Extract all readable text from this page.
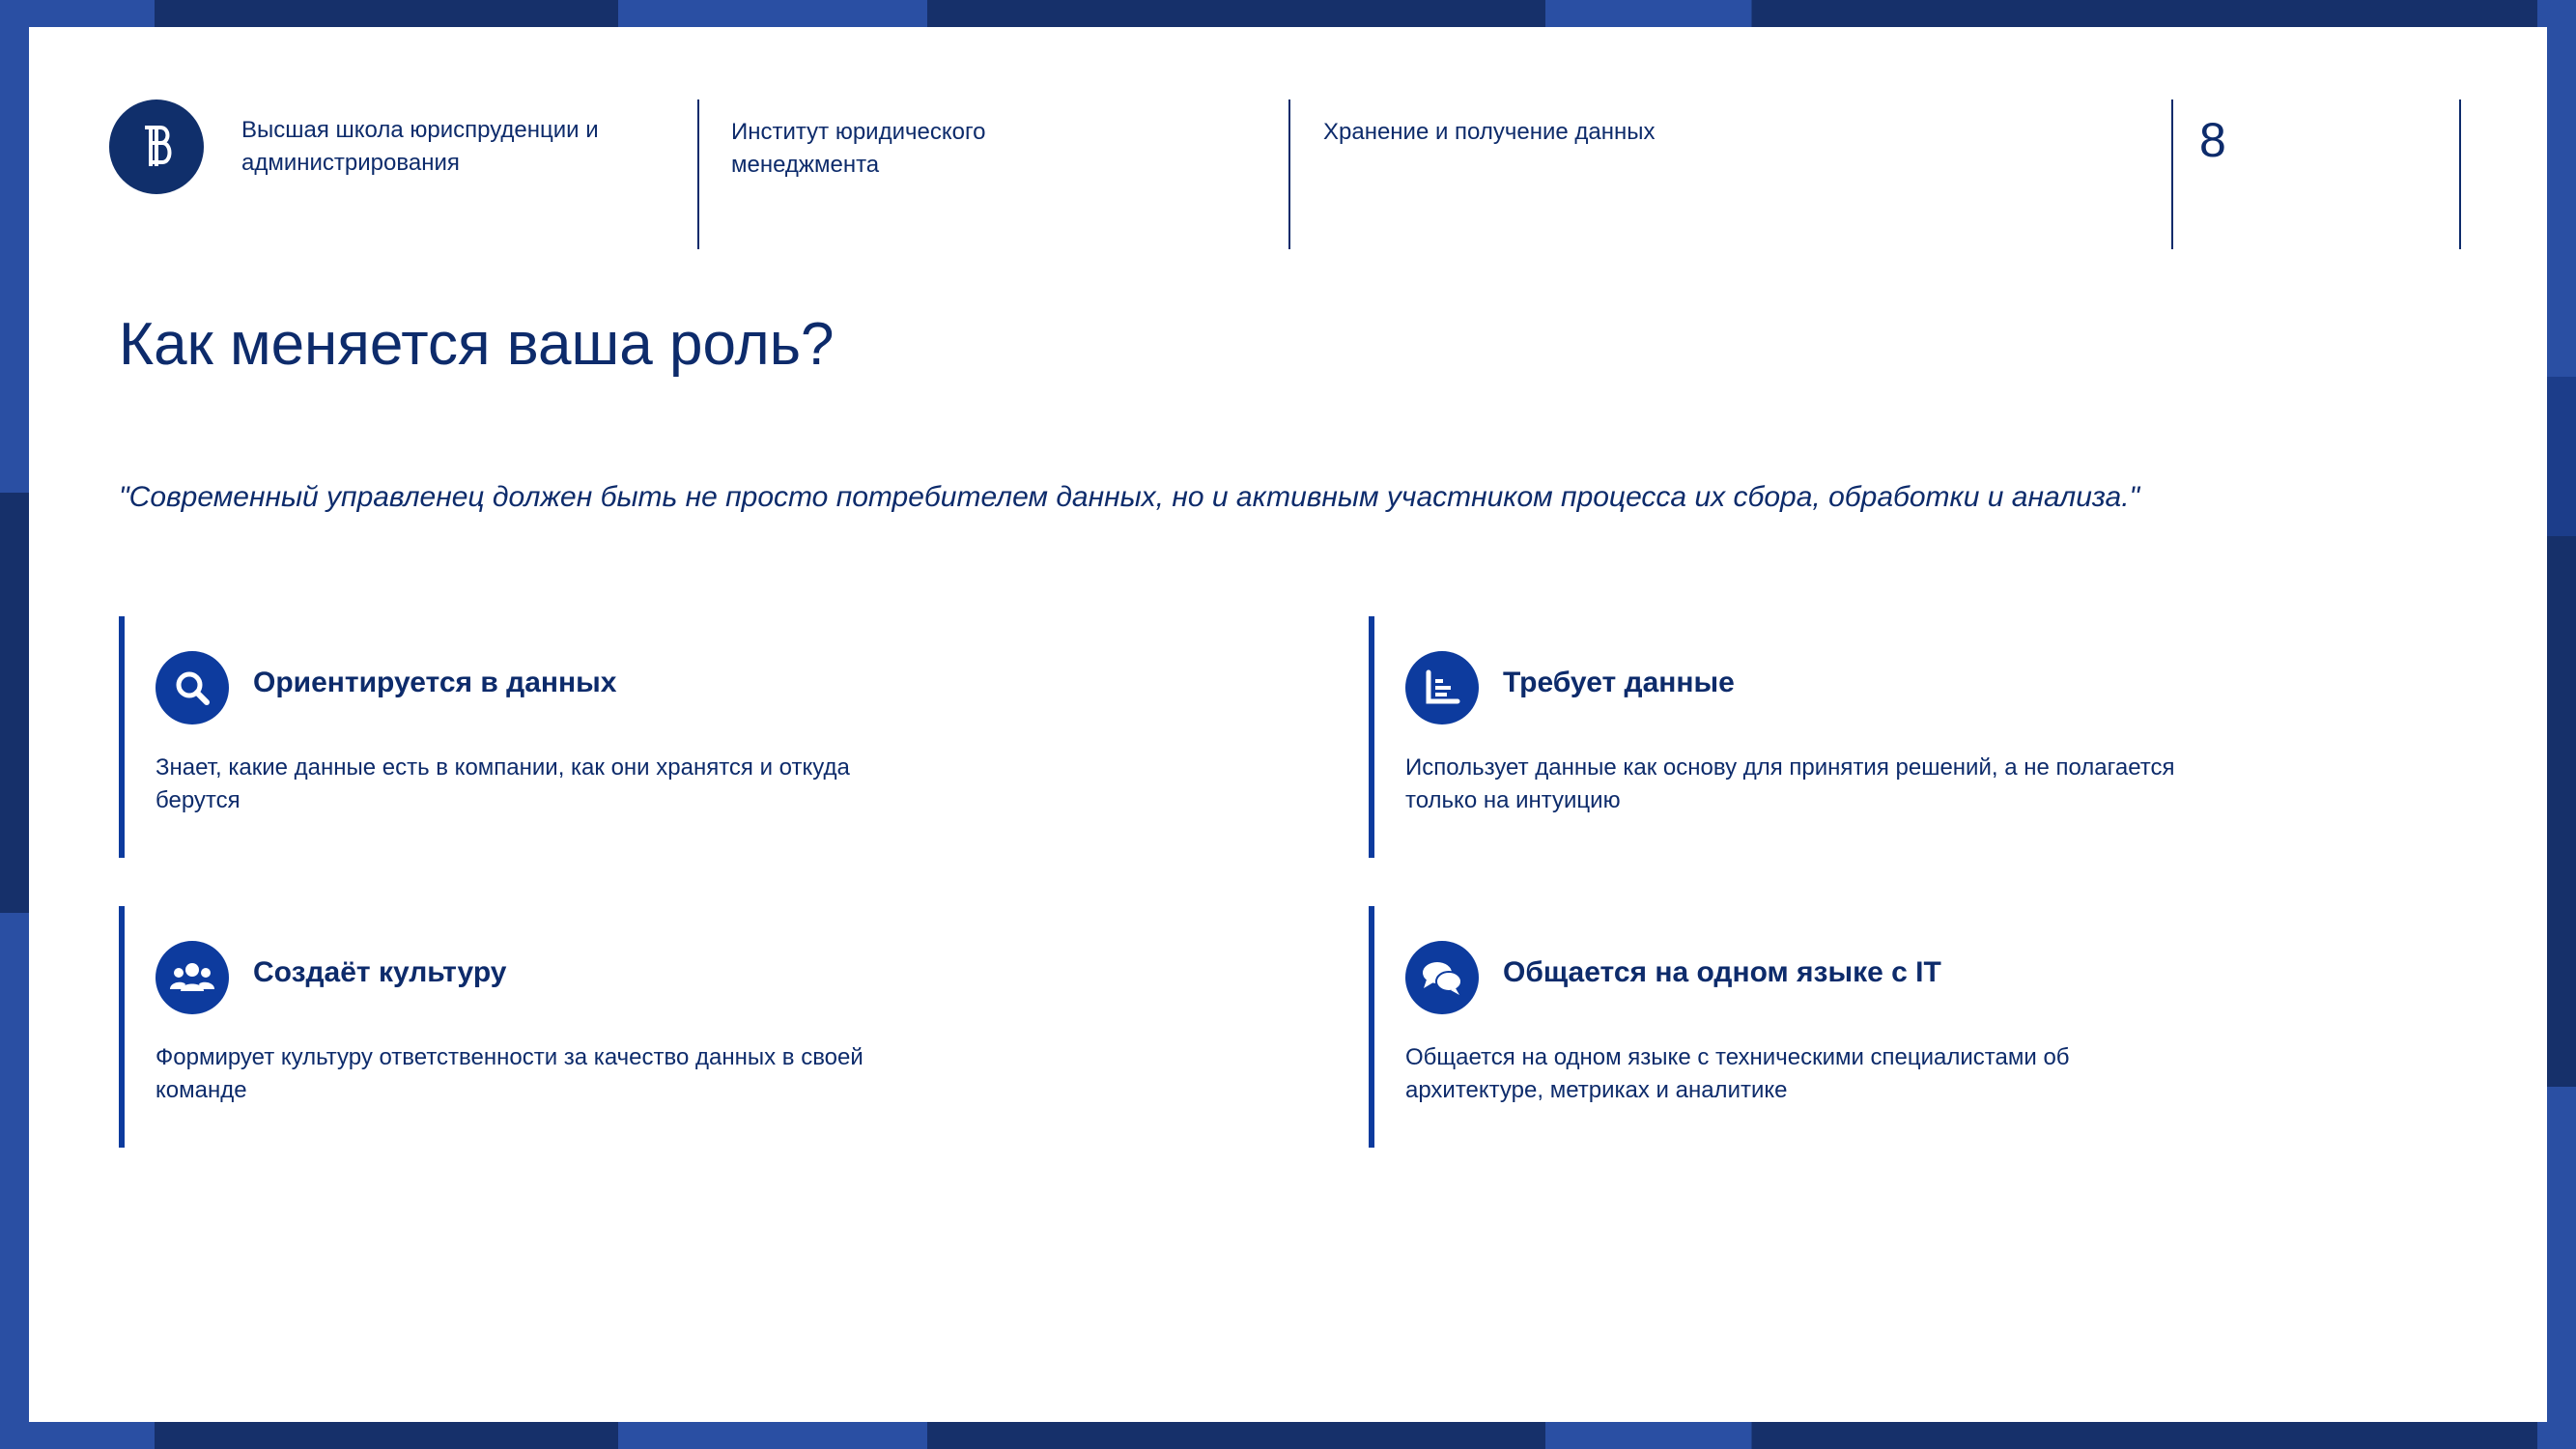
Высшая школа юриспруденции и администрирования
Институт юридического менеджмента
Хранение и получение данных	8
Как меняется ваша роль?
"Современный управленец должен быть не просто потребителем данных, но и активным участником процесса их сбора, обработки и анализа."
Ориентируется в данных
Знает, какие данные есть в компании, как они хранятся и откуда берутся
Требует данные
Использует данные как основу для принятия решений, а не полагается только на интуицию
Создаёт культуру
Формирует культуру ответственности за качество данных в своей команде
Общается на одном языке с IT
Общается на одном языке с техническими специалистами об архитектуре, метриках и аналитике
